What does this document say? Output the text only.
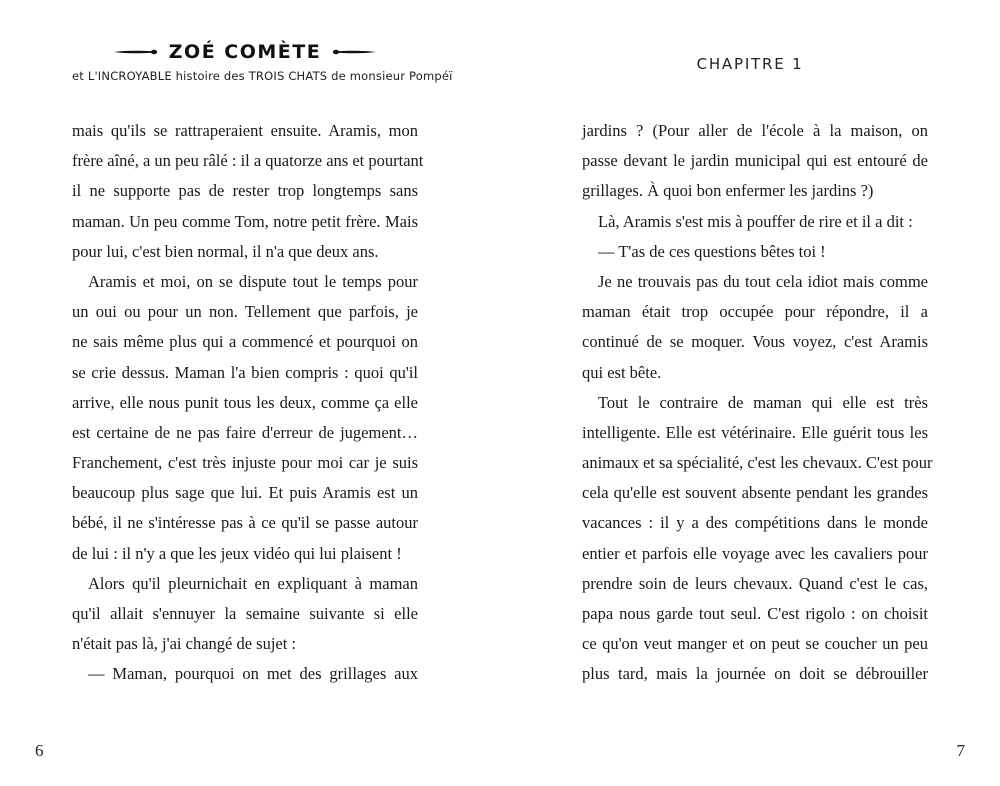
ZOÉ COMÈTE
et L'INCROYABLE histoire des TROIS CHATS de monsieur Pompéï
mais qu'ils se rattraperaient ensuite. Aramis, mon
frère aîné, a un peu râlé : il a quatorze ans et pourtant
il ne supporte pas de rester trop longtemps sans
maman. Un peu comme Tom, notre petit frère. Mais
pour lui, c'est bien normal, il n'a que deux ans.
Aramis et moi, on se dispute tout le temps pour
un oui ou pour un non. Tellement que parfois, je
ne sais même plus qui a commencé et pourquoi on
se crie dessus. Maman l'a bien compris : quoi qu'il
arrive, elle nous punit tous les deux, comme ça elle
est certaine de ne pas faire d'erreur de jugement…
Franchement, c'est très injuste pour moi car je suis
beaucoup plus sage que lui. Et puis Aramis est un
bébé, il ne s'intéresse pas à ce qu'il se passe autour
de lui : il n'y a que les jeux vidéo qui lui plaisent !
Alors qu'il pleurnichait en expliquant à maman
qu'il allait s'ennuyer la semaine suivante si elle
n'était pas là, j'ai changé de sujet :
— Maman, pourquoi on met des grillages aux
6
CHAPITRE 1
jardins ? (Pour aller de l'école à la maison, on
passe devant le jardin municipal qui est entouré de
grillages. À quoi bon enfermer les jardins ?)
Là, Aramis s'est mis à pouffer de rire et il a dit :
— T'as de ces questions bêtes toi !
Je ne trouvais pas du tout cela idiot mais comme
maman était trop occupée pour répondre, il a
continué de se moquer. Vous voyez, c'est Aramis
qui est bête.
Tout le contraire de maman qui elle est très
intelligente. Elle est vétérinaire. Elle guérit tous les
animaux et sa spécialité, c'est les chevaux. C'est pour
cela qu'elle est souvent absente pendant les grandes
vacances : il y a des compétitions dans le monde
entier et parfois elle voyage avec les cavaliers pour
prendre soin de leurs chevaux. Quand c'est le cas,
papa nous garde tout seul. C'est rigolo : on choisit
ce qu'on veut manger et on peut se coucher un peu
plus tard, mais la journée on doit se débrouiller
7
